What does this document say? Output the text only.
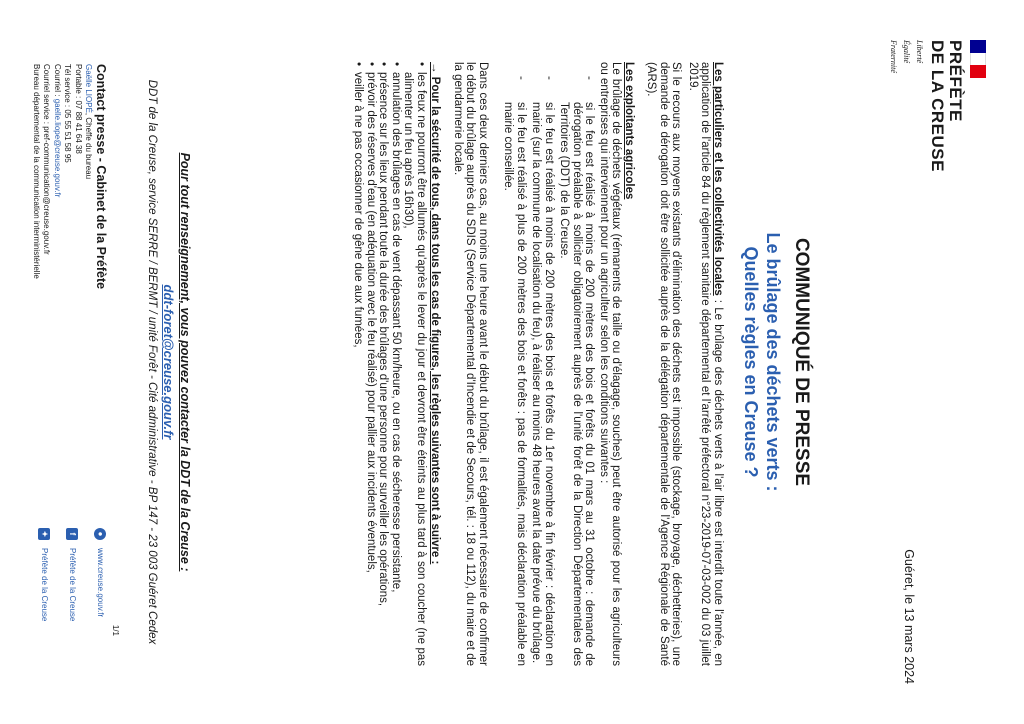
PRÉFÈTE
DE LA CREUSE
Liberté
Égalité
Fraternité
Guéret, le 13 mars 2024
COMMUNIQUÉ DE PRESSE
Le brûlage des déchets verts :
Quelles règles en Creuse ?

Les particuliers et les collectivités locales : Le brûlage des déchets verts à l'air libre est interdit toute l'année, en application de l'article 84 du règlement sanitaire départemental et l'arrêté préfectoral n°23-2019-07-03-002 du 03 juillet 2019.

Si le recours aux moyens existants d'élimination des déchets est impossible (stockage, broyage, déchetteries), une demande de dérogation doit être sollicitée auprès de la délégation départementale de l'Agence Régionale de Santé (ARS).

Les exploitants agricoles

Le brûlage de déchets végétaux (rémanents de taille ou d'élagage, souches) peut être autorisé pour les agriculteurs ou entreprises qui interviennent pour un agriculteur selon les conditions suivantes :

- si le feu est réalisé à moins de 200 mètres des bois et forêts du 01 mars au 31 octobre : demande de dérogation préalable à solliciter obligatoirement auprès de l'unité forêt de la Direction Départementales des Territoires (DDT) de la Creuse.
- si le feu est réalisé à moins de 200 mètres des bois et forêts du 1er novembre à fin février : déclaration en mairie (sur la commune de localisation du feu), à réaliser au moins 48 heures avant la date prévue du brûlage.
- si le feu est réalisé à plus de 200 mètres des bois et forêts : pas de formalités, mais déclaration préalable en mairie conseillée.

Dans ces deux derniers cas, au moins une heure avant le début du brûlage, il est également nécessaire de confirmer le début du brûlage auprès du SDIS (Service Départemental d'Incendie et de Secours, tél. : 18 ou 112), du maire et de la gendarmerie locale.

→ Pour la sécurité de tous, dans tous les cas de figures, les règles suivantes sont à suivre :

• les feux ne pourront être allumés qu'après le lever du jour et devront être éteints au plus tard à son coucher (ne pas alimenter un feu après 16h30),
• annulation des brûlages en cas de vent dépassant 50 km/heure, ou en cas de sécheresse persistante,
• présence sur les lieux pendant toute la durée des brûlages d'une personne pour surveiller les opérations,
• prévoir des réserves d'eau (en adéquation avec le feu réalisé) pour pallier aux incidents éventuels,
• veiller à ne pas occasionner de gêne due aux fumées,
Pour tout renseignement, vous pouvez contacter la DDT de la Creuse :
ddt-foret@creuse.gouv.fr
DDT de la Creuse, service SERRE / BERMT / unité Forêt - Cité administrative - BP 147 - 23 003 Guéret Cedex
1/1
Contact presse - Cabinet de la Préfète
Gaëlle LIOPÉ, Cheffe du bureau
Portable : 07 88 41 64 38
Tél service : 05 55 51 58 95
Courriel : gaelle.liope@creuse.gouv.fr
Courriel service : pref-communication@creuse.gouv.fr
Bureau départemental de la communication interministérielle
●
www.creuse.gouv.fr
f
Préfète de la Creuse
✦
Préfète de la Creuse
